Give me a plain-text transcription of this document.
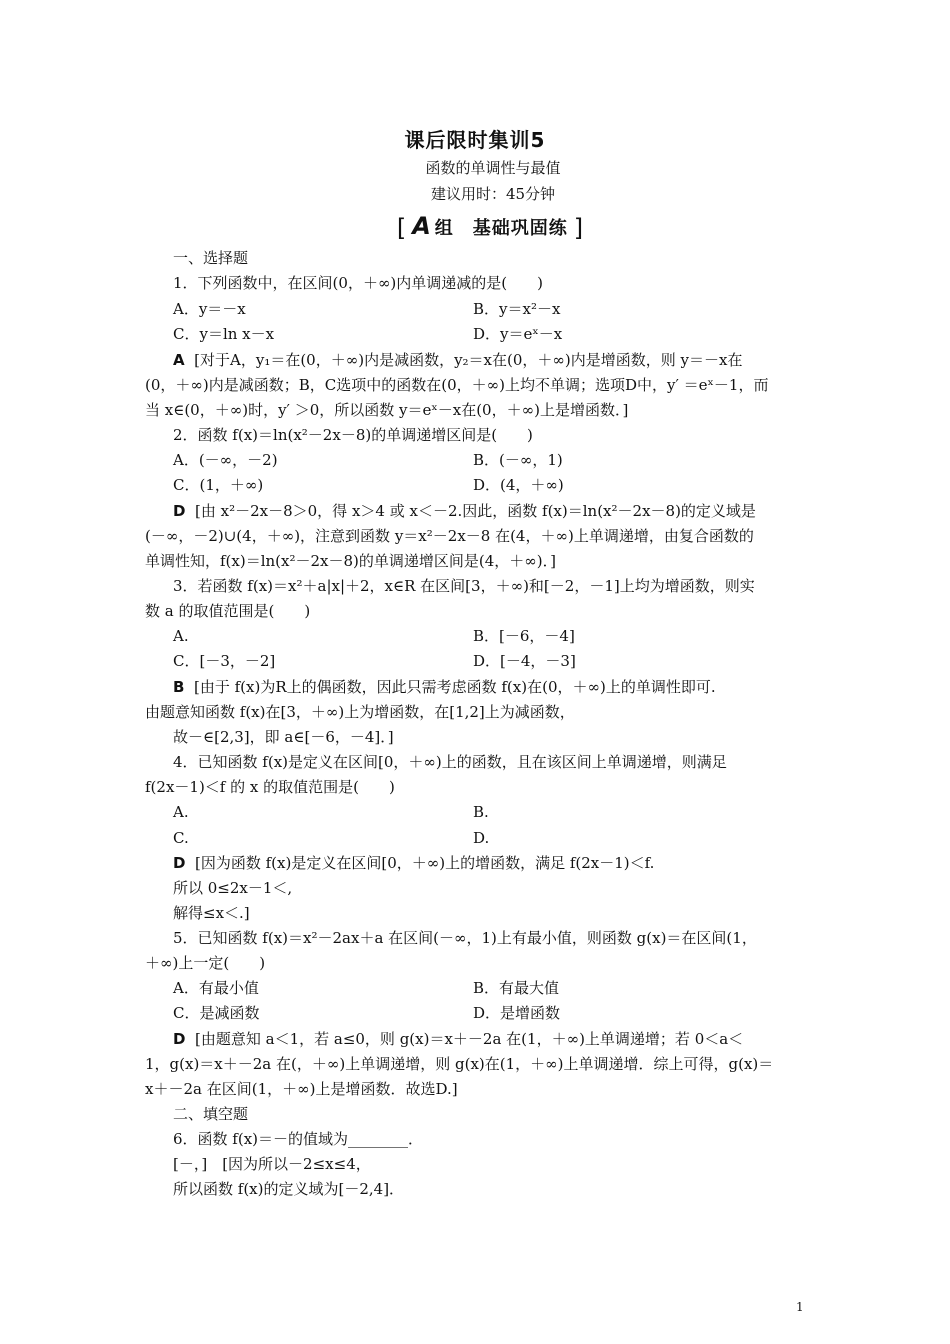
课后限时集训5
函数的单调性与最值
建议用时：45分钟
[ A 组　基础巩固练 ]
一、选择题
1．下列函数中，在区间(0，＋∞)内单调递减的是(　　)
A．y＝－x	B．y＝x²－x
C．y＝ln x－x	D．y＝eˣ－x
A [对于A，y₁＝在(0，＋∞)内是减函数，y₂＝x在(0，＋∞)内是增函数，则 y＝－x在
(0，＋∞)内是减函数；B，C选项中的函数在(0，＋∞)上均不单调；选项D中，y′ ＝eˣ－1，而
当 x∈(0，＋∞)时，y′ ＞0，所以函数 y＝eˣ－x在(0，＋∞)上是增函数．]
2．函数 f(x)＝ln(x²－2x－8)的单调递增区间是(　　)
A．(－∞，－2)	B．(－∞，1)
C．(1，＋∞)	D．(4，＋∞)
D [由 x²－2x－8＞0，得 x＞4 或 x＜－2.因此，函数 f(x)＝ln(x²－2x－8)的定义域是
(－∞，－2)∪(4，＋∞)，注意到函数 y＝x²－2x－8 在(4，＋∞)上单调递增，由复合函数的
单调性知，f(x)＝ln(x²－2x－8)的单调递增区间是(4，＋∞)．]
3．若函数 f(x)＝x²＋a|x|＋2，x∈R 在区间[3，＋∞)和[－2，－1]上均为增函数，则实
数 a 的取值范围是(　　)
A.	B．[－6，－4]
C．[－3，－2]	D．[－4，－3]
B [由于 f(x)为R上的偶函数，因此只需考虑函数 f(x)在(0，＋∞)上的单调性即可.
由题意知函数 f(x)在[3，＋∞)上为增函数，在[1,2]上为减函数，
故－∈[2,3]，即 a∈[－6，－4]．]
4．已知函数 f(x)是定义在区间[0，＋∞)上的函数，且在该区间上单调递增，则满足
f(2x－1)＜f 的 x 的取值范围是(　　)
A.	B.
C.	D.
D [因为函数 f(x)是定义在区间[0，＋∞)上的增函数，满足 f(2x－1)＜f.
所以 0≤2x－1＜,
解得≤x＜.]
5．已知函数 f(x)＝x²－2ax＋a 在区间(－∞，1)上有最小值，则函数 g(x)＝在区间(1，
＋∞)上一定(　　)
A．有最小值	B．有最大值
C．是减函数	D．是增函数
D [由题意知 a＜1，若 a≤0，则 g(x)＝x＋－2a 在(1，＋∞)上单调递增；若 0＜a＜
1，g(x)＝x＋－2a 在(，＋∞)上单调递增，则 g(x)在(1，＋∞)上单调递增．综上可得，g(x)＝
x＋－2a 在区间(1，＋∞)上是增函数．故选D.]
二、填空题
6．函数 f(x)＝－的值域为________．
[－，]　[因为所以－2≤x≤4，
所以函数 f(x)的定义域为[－2,4]．
1
